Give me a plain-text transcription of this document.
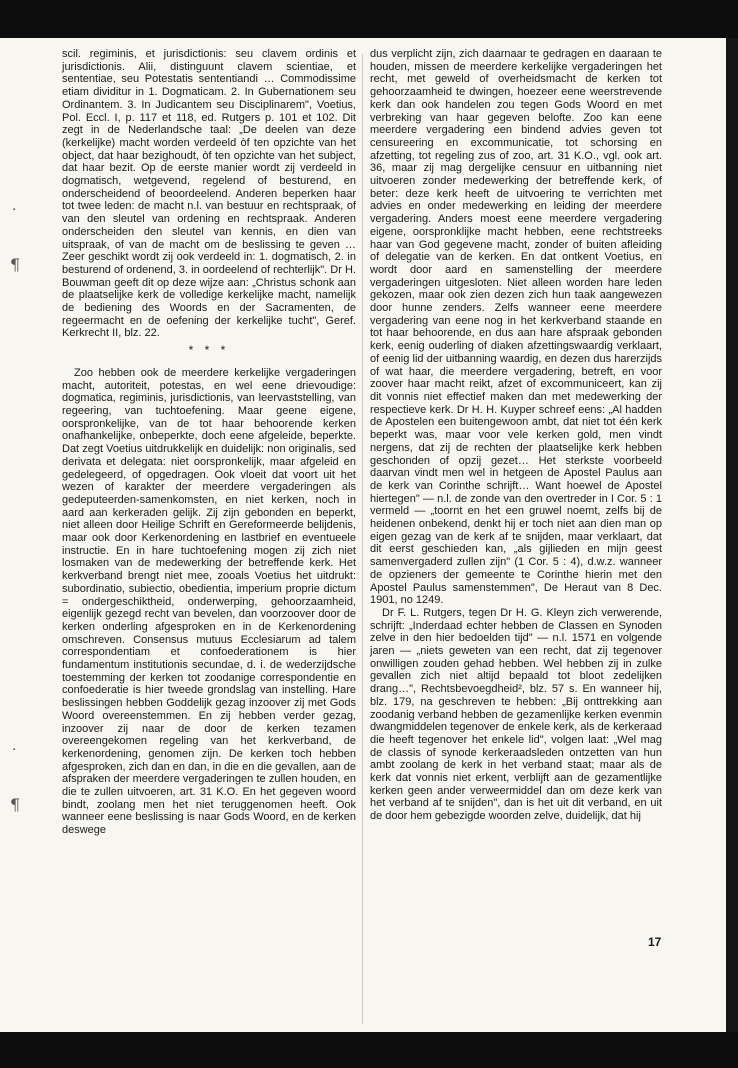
·
¶
·
¶

scil. regiminis, et jurisdictionis: seu clavem ordinis et jurisdictionis. Alii, distinguunt clavem scientiae, et sententiae, seu Potestatis sententiandi … Commodissime etiam dividitur in 1. Dogmaticam. 2. In Gubernationem seu Ordinantem. 3. In Judicantem seu Disciplinarem", Voetius, Pol. Eccl. I, p. 117 et 118, ed. Rutgers p. 101 et 102. Dit zegt in de Nederlandsche taal: „De deelen van deze (kerkelijke) macht worden verdeeld òf ten opzichte van het object, dat haar bezighoudt, òf ten opzichte van het subject, dat haar bezit. Op de eerste manier wordt zij verdeeld in dogmatisch, wetgevend, regelend of besturend, en onderscheidend of beoordeelend. Anderen beperken haar tot twee leden: de macht n.l. van bestuur en rechtspraak, of van den sleutel van ordening en rechtspraak. Anderen onderscheiden den sleutel van kennis, en dien van uitspraak, of van de macht om de beslissing te geven … Zeer geschikt wordt zij ook verdeeld in: 1. dogmatisch, 2. in besturend of ordenend, 3. in oordeelend of rechterlijk". Dr H. Bouwman geeft dit op deze wijze aan: „Christus schonk aan de plaatselijke kerk de volledige kerkelijke macht, namelijk de bediening des Woords en der Sacramenten, de regeermacht en de oefening der kerkelijke tucht", Geref. Kerkrecht II, blz. 22.

* * *

Zoo hebben ook de meerdere kerkelijke vergaderingen macht, autoriteit, potestas, en wel eene drievoudige: dogmatica, regiminis, jurisdictionis, van leervaststelling, van regeering, van tuchtoefening. Maar geene eigene, oorspronkelijke, van de tot haar behoorende kerken onafhankelijke, onbeperkte, doch eene afgeleide, beperkte. Dat zegt Voetius uitdrukkelijk en duidelijk: non originalis, sed derivata et delegata: niet oorspronkelijk, maar afgeleid en gedelegeerd, of opgedragen. Ook vloeit dat voort uit het wezen of karakter der meerdere vergaderingen als gedeputeerden-samenkomsten, en niet kerken, noch in aard aan kerkeraden gelijk. Zij zijn gebonden en beperkt, niet alleen door Heilige Schrift en Gereformeerde belijdenis, maar ook door Kerkenordening en lastbrief en eventueele instructie. En in hare tuchtoefening mogen zij zich niet losmaken van de medewerking der betreffende kerk. Het kerkverband brengt niet mee, zooals Voetius het uitdrukt: subordinatio, subiectio, obedientia, imperium proprie dictum = ondergeschiktheid, onderwerping, gehoorzaamheid, eigenlijk gezegd recht van bevelen, dan voorzoover door de kerken onderling afgesproken en in de Kerkenordening omschreven. Consensus mutuus Ecclesiarum ad talem correspondentiam et confoederationem is hier fundamentum institutionis secundae, d. i. de wederzijdsche toestemming der kerken tot zoodanige correspondentie en confoederatie is hier tweede grondslag van instelling. Hare beslissingen hebben Goddelijk gezag inzoover zij met Gods Woord overeenstemmen. En zij hebben verder gezag, inzoover zij naar de door de kerken tezamen overeengekomen regeling van het kerkverband, de kerkenordening, genomen zijn. De kerken toch hebben afgesproken, zich dan en dan, in die en die gevallen, aan de afspraken der meerdere vergaderingen te zullen houden, en die te zullen uitvoeren, art. 31 K.O. En het gegeven woord bindt, zoolang men het niet teruggenomen heeft. Ook wanneer eene beslissing is naar Gods Woord, en de kerken deswege

dus verplicht zijn, zich daarnaar te gedragen en daaraan te houden, missen de meerdere kerkelijke vergaderingen het recht, met geweld of overheidsmacht de kerken tot gehoorzaamheid te dwingen, hoezeer eene weerstrevende kerk dan ook handelen zou tegen Gods Woord en met verbreking van haar gegeven belofte. Zoo kan eene meerdere vergadering een bindend advies geven tot censureering en excommunicatie, tot schorsing en afzetting, tot regeling zus of zoo, art. 31 K.O., vgl. ook art. 36, maar zij mag dergelijke censuur en uitbanning niet uitvoeren zonder medewerking der betreffende kerk, of beter: deze kerk heeft de uitvoering te verrichten met advies en onder medewerking en leiding der meerdere vergadering. Anders moest eene meerdere vergadering eigene, oorspronklijke macht hebben, eene rechtstreeks haar van God gegevene macht, zonder of buiten afleiding of delegatie van de kerken. En dat ontkent Voetius, en wordt door aard en samenstelling der meerdere vergaderingen uitgesloten. Niet alleen worden hare leden gekozen, maar ook zien dezen zich hun taak aangewezen door hunne zenders. Zelfs wanneer eene meerdere vergadering van eene nog in het kerkverband staande en tot haar behoorende, en dus aan hare afspraak gebonden kerk, eenig ouderling of diaken afzettingswaardig verklaart, of eenig lid der uitbanning waardig, en dezen dus harerzijds of wat haar, die meerdere vergadering, betreft, en voor zoover haar macht reikt, afzet of excommuniceert, kan zij dit vonnis niet effectief maken dan met medewerking der respectieve kerk. Dr H. H. Kuyper schreef eens: „Al hadden de Apostelen een buitengewoon ambt, dat niet tot één kerk beperkt was, maar voor vele kerken gold, men vindt nergens, dat zij de rechten der plaatselijke kerk hebben geschonden of opzij gezet… Het sterkste voorbeeld daarvan vindt men wel in hetgeen de Apostel Paulus aan de kerk van Corinthe schrijft… Want hoewel de Apostel hiertegen" — n.l. de zonde van den overtreder in I Cor. 5 : 1 vermeld — „toornt en het een gruwel noemt, zelfs bij de heidenen onbekend, denkt hij er toch niet aan dien man op eigen gezag van de kerk af te snijden, maar verklaart, dat dit eerst geschieden kan, „als gijlieden en mijn geest samenvergaderd zullen zijn" (1 Cor. 5 : 4), d.w.z. wanneer de opzieners der gemeente te Corinthe hierin met den Apostel Paulus samenstemmen", De Heraut van 8 Dec. 1901, no 1249.

Dr F. L. Rutgers, tegen Dr H. G. Kleyn zich verwerende, schrijft: „Inderdaad echter hebben de Classen en Synoden zelve in den hier bedoelden tijd" — n.l. 1571 en volgende jaren — „niets geweten van een recht, dat zij tegenover onwilligen zouden gehad hebben. Wel hebben zij in zulke gevallen zich niet altijd bepaald tot bloot zedelijken drang…", Rechtsbevoegdheid², blz. 57 s. En wanneer hij, blz. 179, na geschreven te hebben: „Bij onttrekking aan zoodanig verband hebben de gezamenlijke kerken evenmin dwangmiddelen tegenover de enkele kerk, als de kerkeraad die heeft tegenover het enkele lid", volgen laat: „Wel mag de classis of synode kerkeraadsleden ontzetten van hun ambt zoolang de kerk in het verband staat; maar als de kerk dat vonnis niet erkent, verblijft aan de gezamentlijke kerken geen ander verweermiddel dan om deze kerk van het verband af te snijden", dan is het uit dit verband, en uit de door hem gebezigde woorden zelve, duidelijk, dat hij

17
